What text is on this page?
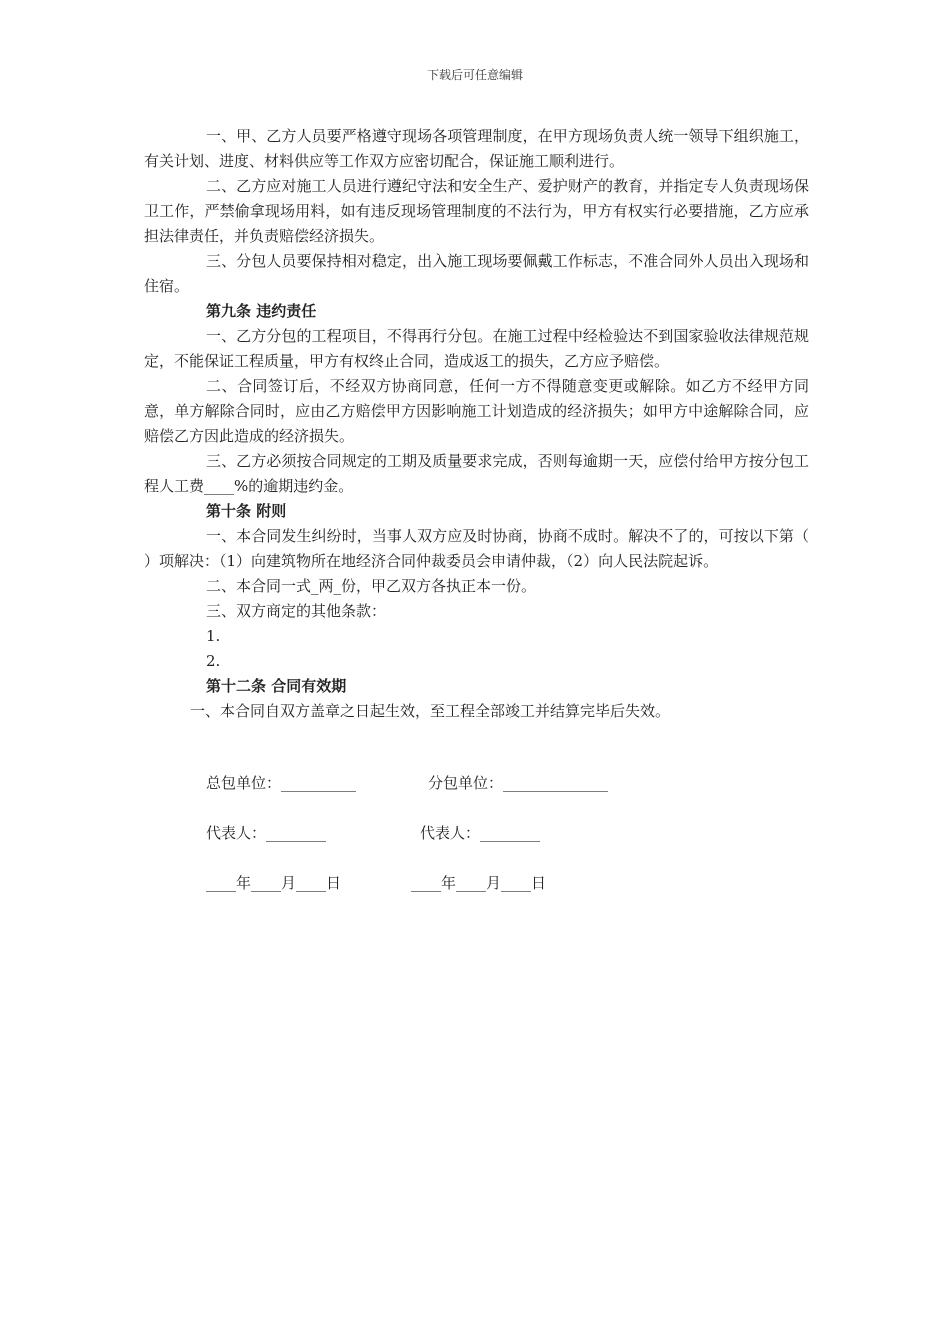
下载后可任意编辑

一、甲、乙方人员要严格遵守现场各项管理制度，在甲方现场负责人统一领导下组织施工，有关计划、进度、材料供应等工作双方应密切配合，保证施工顺利进行。

二、乙方应对施工人员进行遵纪守法和安全生产、爱护财产的教育，并指定专人负责现场保卫工作，严禁偷拿现场用料，如有违反现场管理制度的不法行为，甲方有权实行必要措施，乙方应承担法律责任，并负责赔偿经济损失。

三、分包人员要保持相对稳定，出入施工现场要佩戴工作标志，不准合同外人员出入现场和住宿。

第九条 违约责任

一、乙方分包的工程项目，不得再行分包。在施工过程中经检验达不到国家验收法律规范规定，不能保证工程质量，甲方有权终止合同，造成返工的损失，乙方应予赔偿。

二、合同签订后，不经双方协商同意，任何一方不得随意变更或解除。如乙方不经甲方同意，单方解除合同时，应由乙方赔偿甲方因影响施工计划造成的经济损失；如甲方中途解除合同，应赔偿乙方因此造成的经济损失。

三、乙方必须按合同规定的工期及质量要求完成，否则每逾期一天，应偿付给甲方按分包工程人工费____%的逾期违约金。

第十条 附则

一、本合同发生纠纷时，当事人双方应及时协商，协商不成时。解决不了的，可按以下第（ ）项解决：（1）向建筑物所在地经济合同仲裁委员会申请仲裁，（2）向人民法院起诉。

二、本合同一式_两_份，甲乙双方各执正本一份。

三、双方商定的其他条款：

1.

2.

第十二条 合同有效期

一、本合同自双方盖章之日起生效，至工程全部竣工并结算完毕后失效。

总包单位：__________	分包单位：______________
代表人：________	代表人：________
____年____月____日	____年____月____日
